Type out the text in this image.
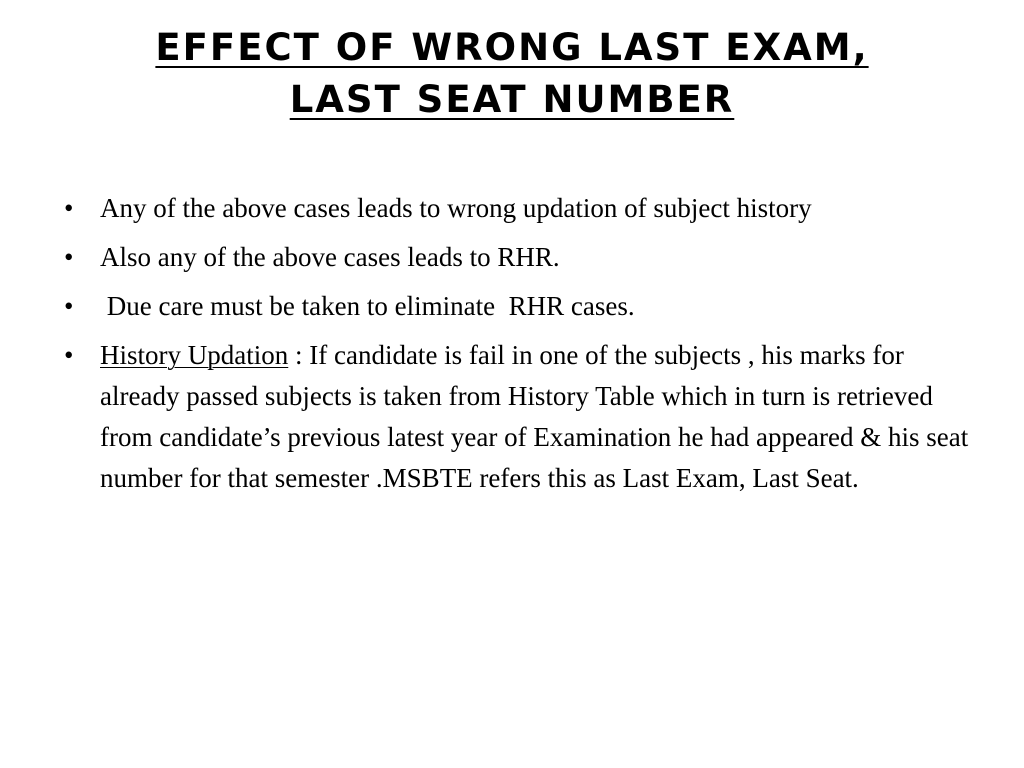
EFFECT OF WRONG LAST EXAM,
LAST SEAT NUMBER
• Any of the above cases leads to wrong updation of subject history
• Also any of the above cases leads to RHR.
• Due care must be taken to eliminate  RHR cases.
• History Updation : If candidate is fail in one of the subjects , his marks for already passed subjects is taken from History Table which in turn is retrieved from candidate’s previous latest year of Examination he had appeared & his seat number for that semester .MSBTE refers this as Last Exam, Last Seat.
